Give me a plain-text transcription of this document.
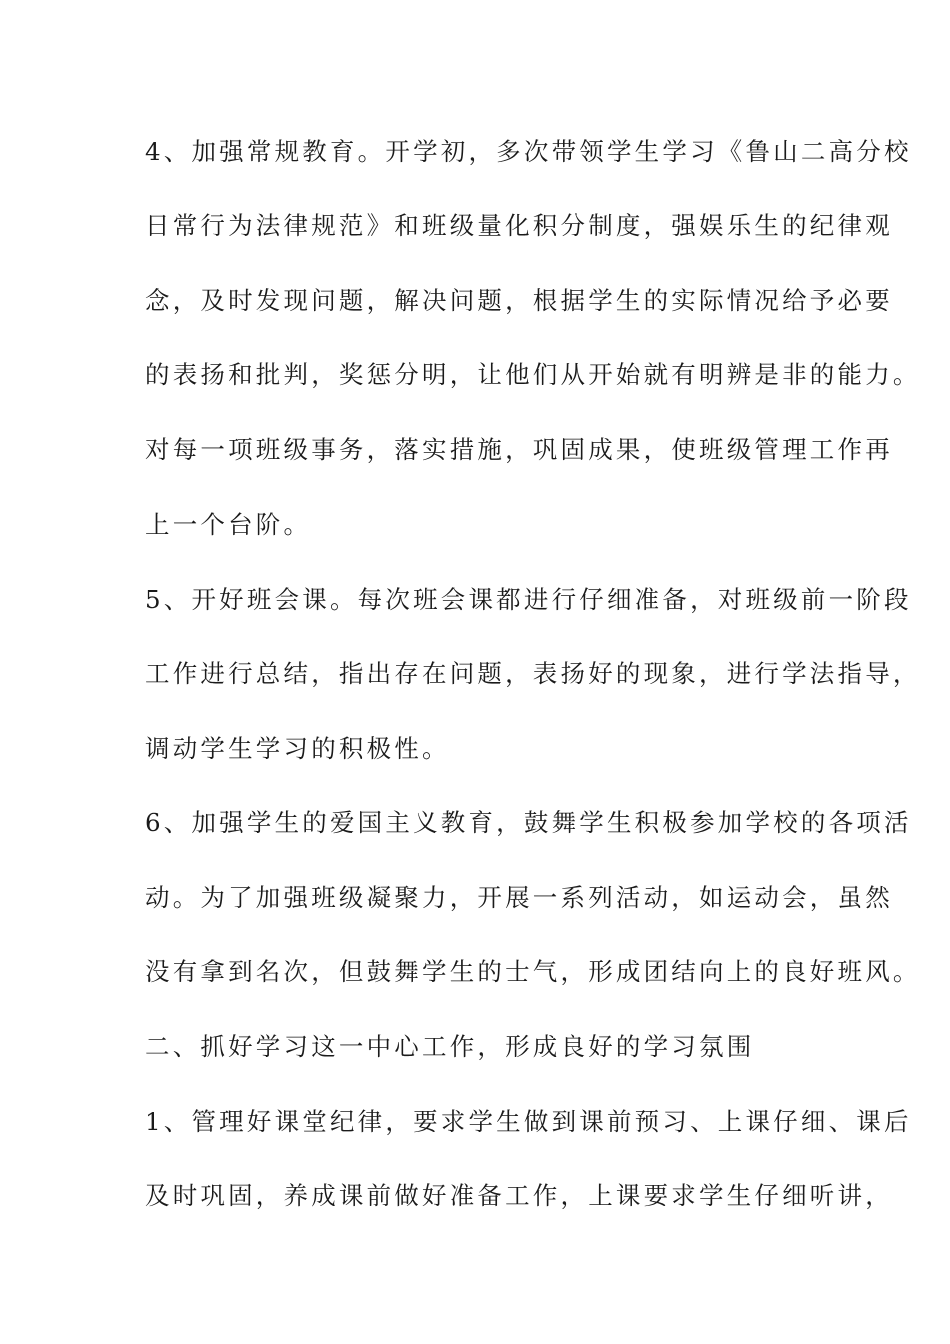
4、加强常规教育。开学初，多次带领学生学习《鲁山二高分校
日常行为法律规范》和班级量化积分制度，强娱乐生的纪律观
念，及时发现问题，解决问题，根据学生的实际情况给予必要
的表扬和批判，奖惩分明，让他们从开始就有明辨是非的能力。
对每一项班级事务，落实措施，巩固成果，使班级管理工作再
上一个台阶。
5、开好班会课。每次班会课都进行仔细准备，对班级前一阶段
工作进行总结，指出存在问题，表扬好的现象，进行学法指导，
调动学生学习的积极性。
6、加强学生的爱国主义教育，鼓舞学生积极参加学校的各项活
动。为了加强班级凝聚力，开展一系列活动，如运动会，虽然
没有拿到名次，但鼓舞学生的士气，形成团结向上的良好班风。
二、抓好学习这一中心工作，形成良好的学习氛围
1、管理好课堂纪律，要求学生做到课前预习、上课仔细、课后
及时巩固，养成课前做好准备工作，上课要求学生仔细听讲，
